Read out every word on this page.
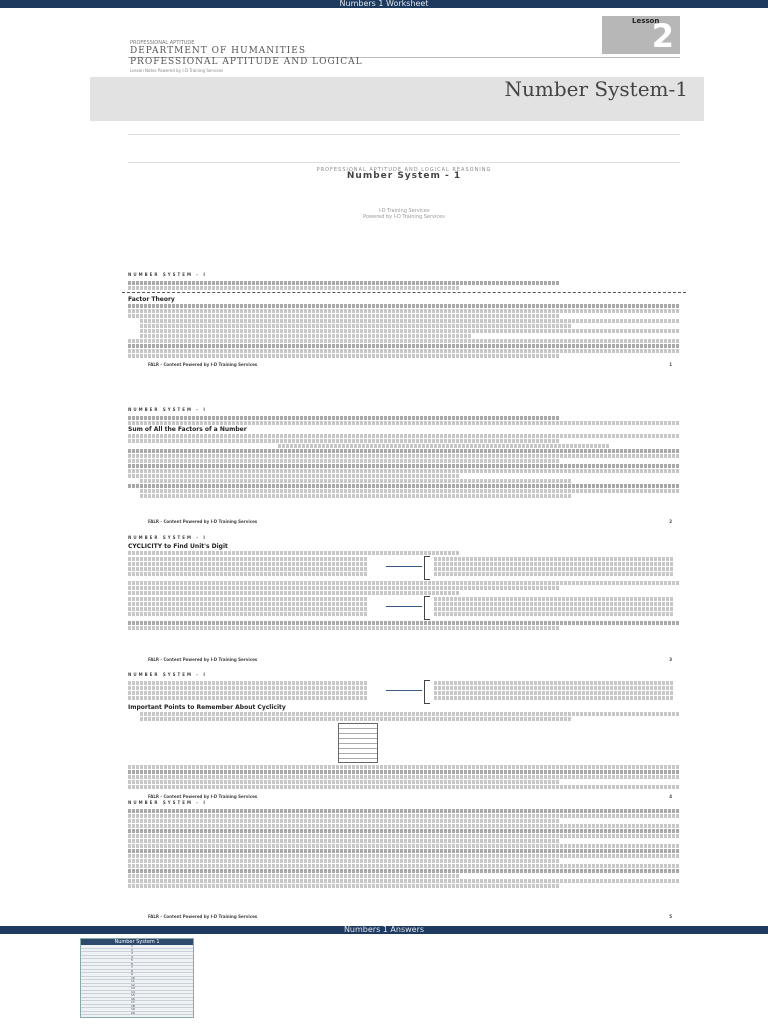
Numbers 1 Worksheet
Lesson
2
PROFESSIONAL APTITUDE
DEPARTMENT OF HUMANITIES
PROFESSIONAL APTITUDE AND LOGICAL
Lesson Notes Powered by I-D Training Services
Number System-1
PROFESSIONAL APTITUDE AND LOGICAL REASONING
Number System - 1
I-D Training Services
Powered by I-D Training Services
NUMBER SYSTEM - I
Factor Theory
FALR - Content Powered by I-D Training Services	1
NUMBER SYSTEM - I
Sum of All the Factors of a Number
FALR - Content Powered by I-D Training Services	2
NUMBER SYSTEM - I
CYCLICITY to Find Unit's Digit
FALR - Content Powered by I-D Training Services	3
NUMBER SYSTEM - I
Important Points to Remember About Cyclicity
FALR - Content Powered by I-D Training Services	4
NUMBER SYSTEM - I
FALR - Content Powered by I-D Training Services	5
Numbers 1 Answers
Number System 1
1
2
3
4
5
6
7
8
9
10
11
12
13
14
15
16
17
18
19
20
